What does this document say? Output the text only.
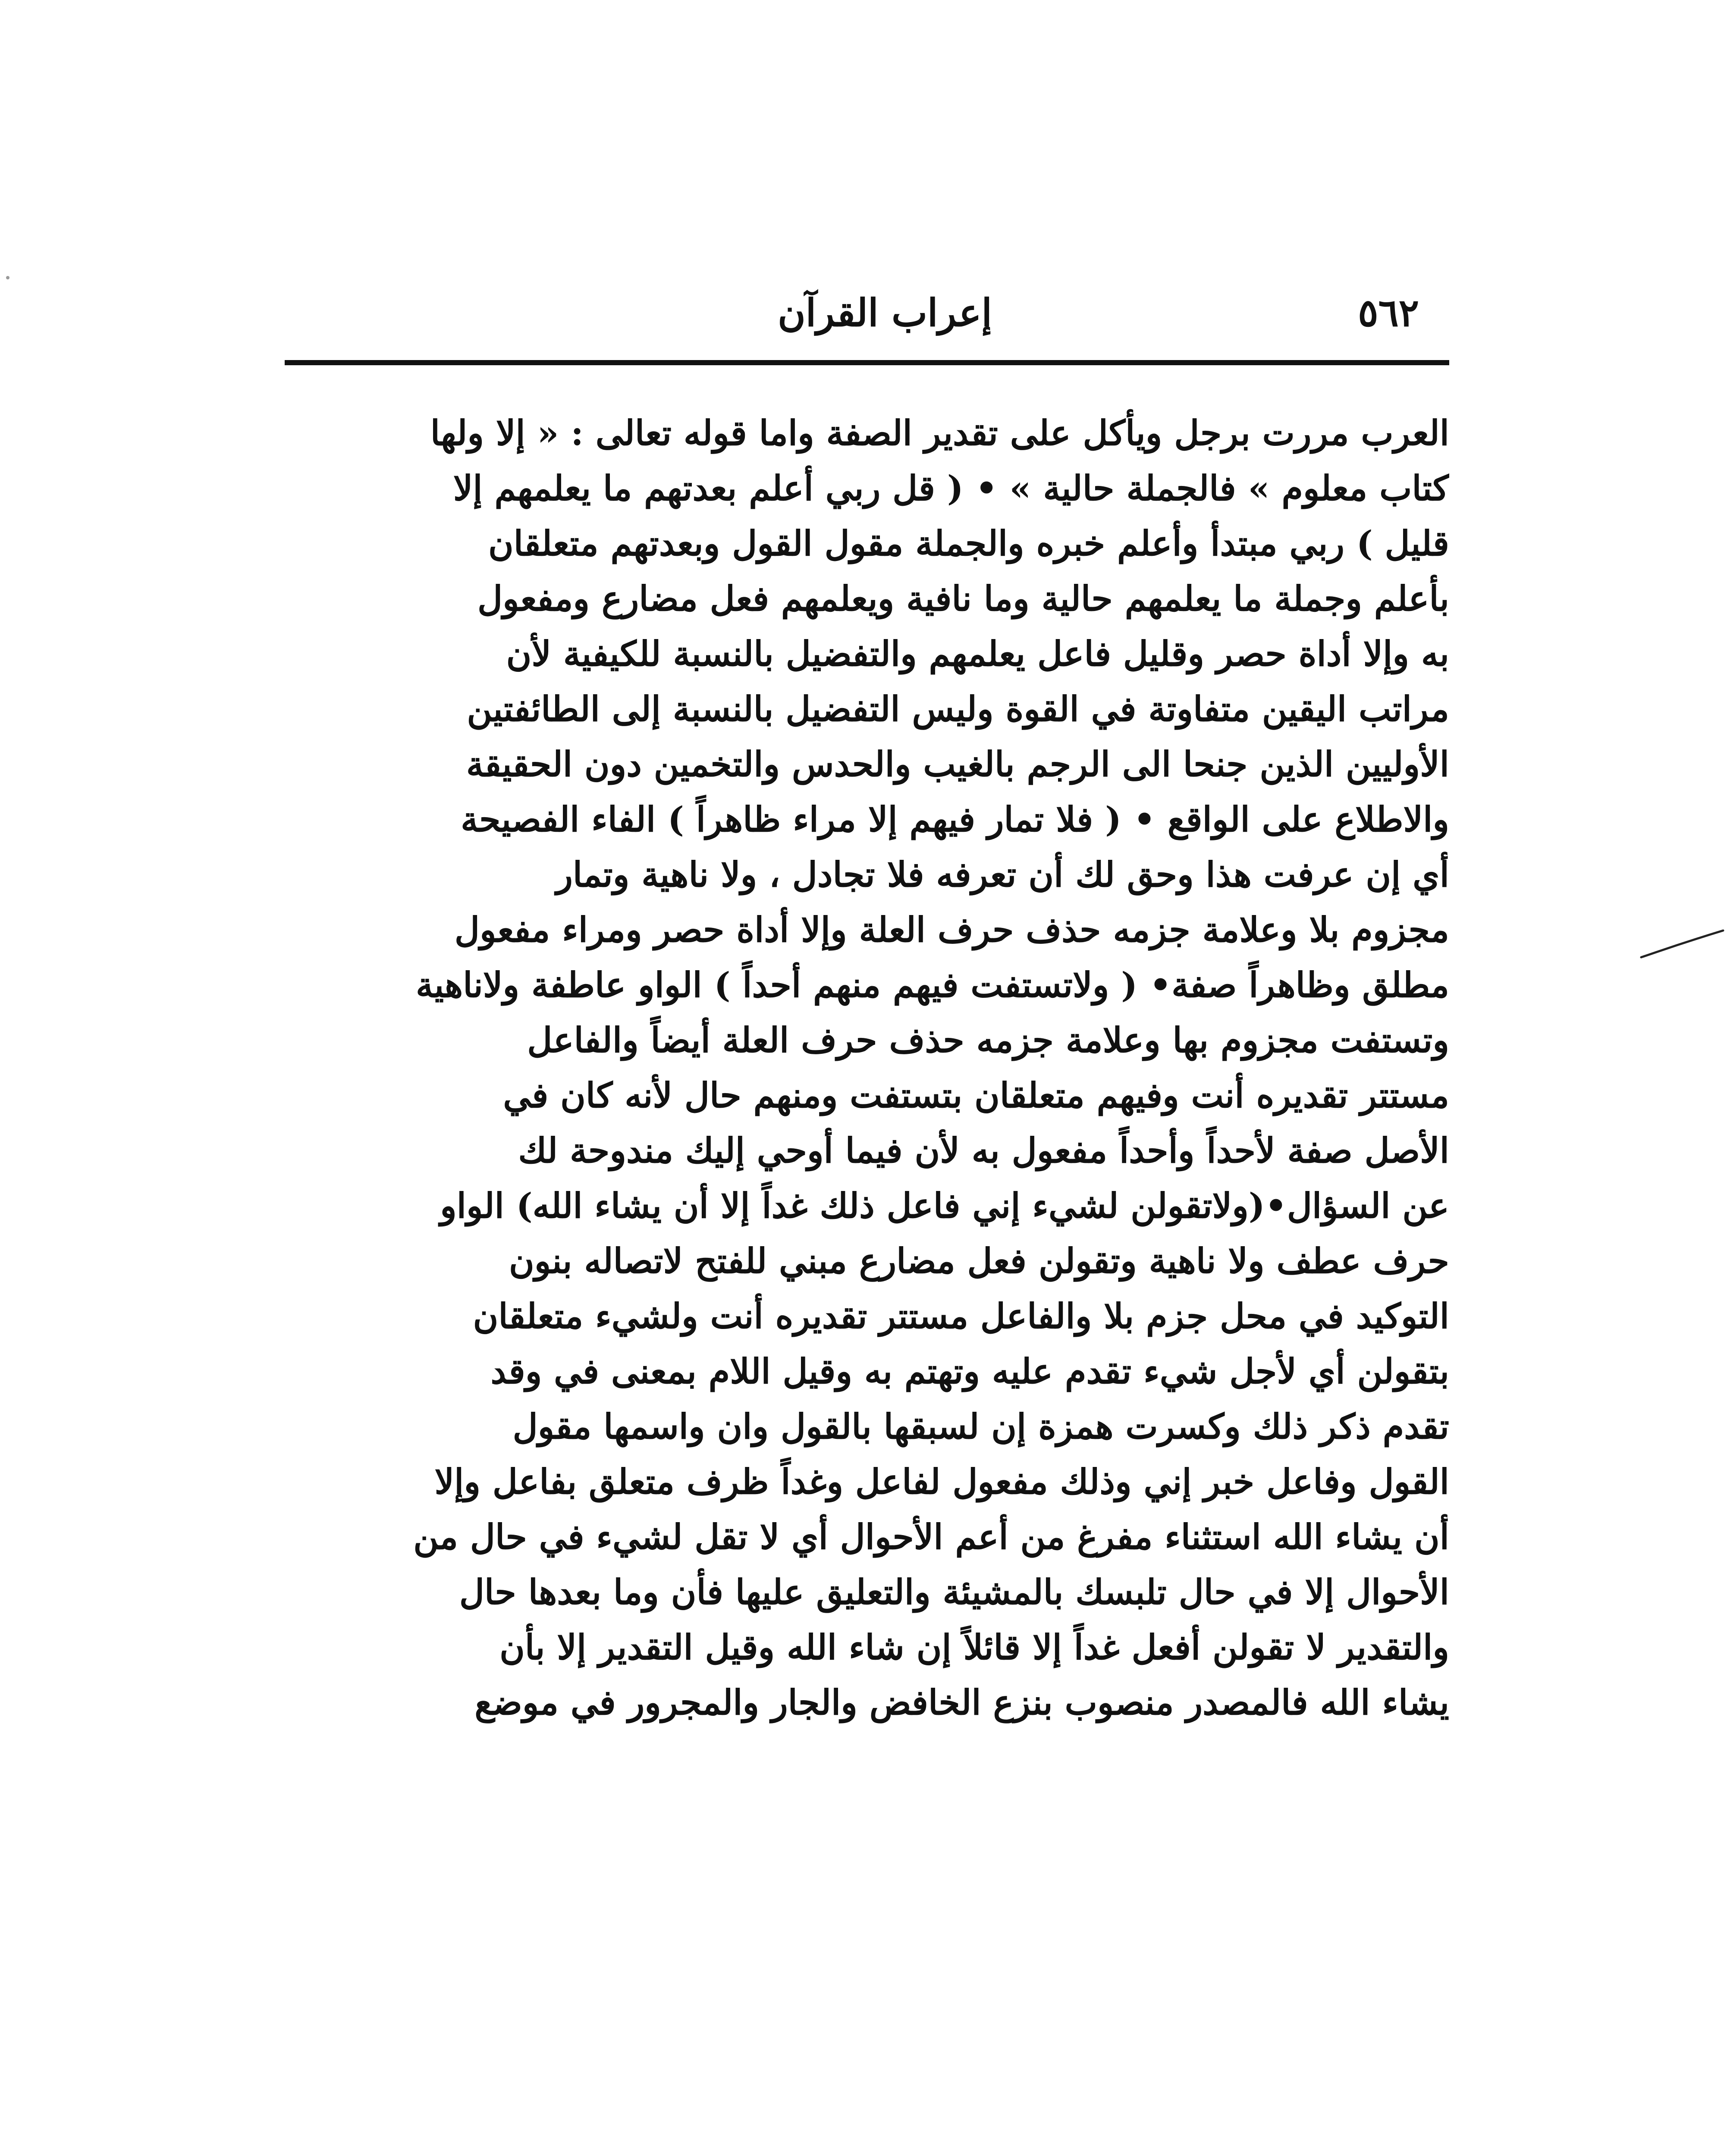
٥٦٢
إعراب القرآن
العرب مررت برجل ويأكل على تقدير الصفة واما قوله تعالى : « إلا ولها
كتاب معلوم » فالجملة حالية » • ( قل ربي أعلم بعدتهم ما يعلمهم إلا
قليل ) ربي مبتدأ وأعلم خبره والجملة مقول القول وبعدتهم متعلقان
بأعلم وجملة ما يعلمهم حالية وما نافية ويعلمهم فعل مضارع ومفعول
به وإلا أداة حصر وقليل فاعل يعلمهم والتفضيل بالنسبة للكيفية لأن
مراتب اليقين متفاوتة في القوة وليس التفضيل بالنسبة إلى الطائفتين
الأوليين الذين جنحا الى الرجم بالغيب والحدس والتخمين دون الحقيقة
والاطلاع على الواقع • ( فلا تمار فيهم إلا مراء ظاهراً ) الفاء الفصيحة
أي إن عرفت هذا وحق لك أن تعرفه فلا تجادل ، ولا ناهية وتمار
مجزوم بلا وعلامة جزمه حذف حرف العلة وإلا أداة حصر ومراء مفعول
مطلق وظاهراً صفة• ( ولاتستفت فيهم منهم أحداً ) الواو عاطفة ولاناهية
وتستفت مجزوم بها وعلامة جزمه حذف حرف العلة أيضاً والفاعل
مستتر تقديره أنت وفيهم متعلقان بتستفت ومنهم حال لأنه كان في
الأصل صفة لأحداً وأحداً مفعول به لأن فيما أوحي إليك مندوحة لك
عن السؤال•(ولاتقولن لشيء إني فاعل ذلك غداً إلا أن يشاء الله) الواو
حرف عطف ولا ناهية وتقولن فعل مضارع مبني للفتح لاتصاله بنون
التوكيد في محل جزم بلا والفاعل مستتر تقديره أنت ولشيء متعلقان
بتقولن أي لأجل شيء تقدم عليه وتهتم به وقيل اللام بمعنى في وقد
تقدم ذكر ذلك وكسرت همزة إن لسبقها بالقول وان واسمها مقول
القول وفاعل خبر إني وذلك مفعول لفاعل وغداً ظرف متعلق بفاعل وإلا
أن يشاء الله استثناء مفرغ من أعم الأحوال أي لا تقل لشيء في حال من
الأحوال إلا في حال تلبسك بالمشيئة والتعليق عليها فأن وما بعدها حال
والتقدير لا تقولن أفعل غداً إلا قائلاً إن شاء الله وقيل التقدير إلا بأن
يشاء الله فالمصدر منصوب بنزع الخافض والجار والمجرور في موضع
